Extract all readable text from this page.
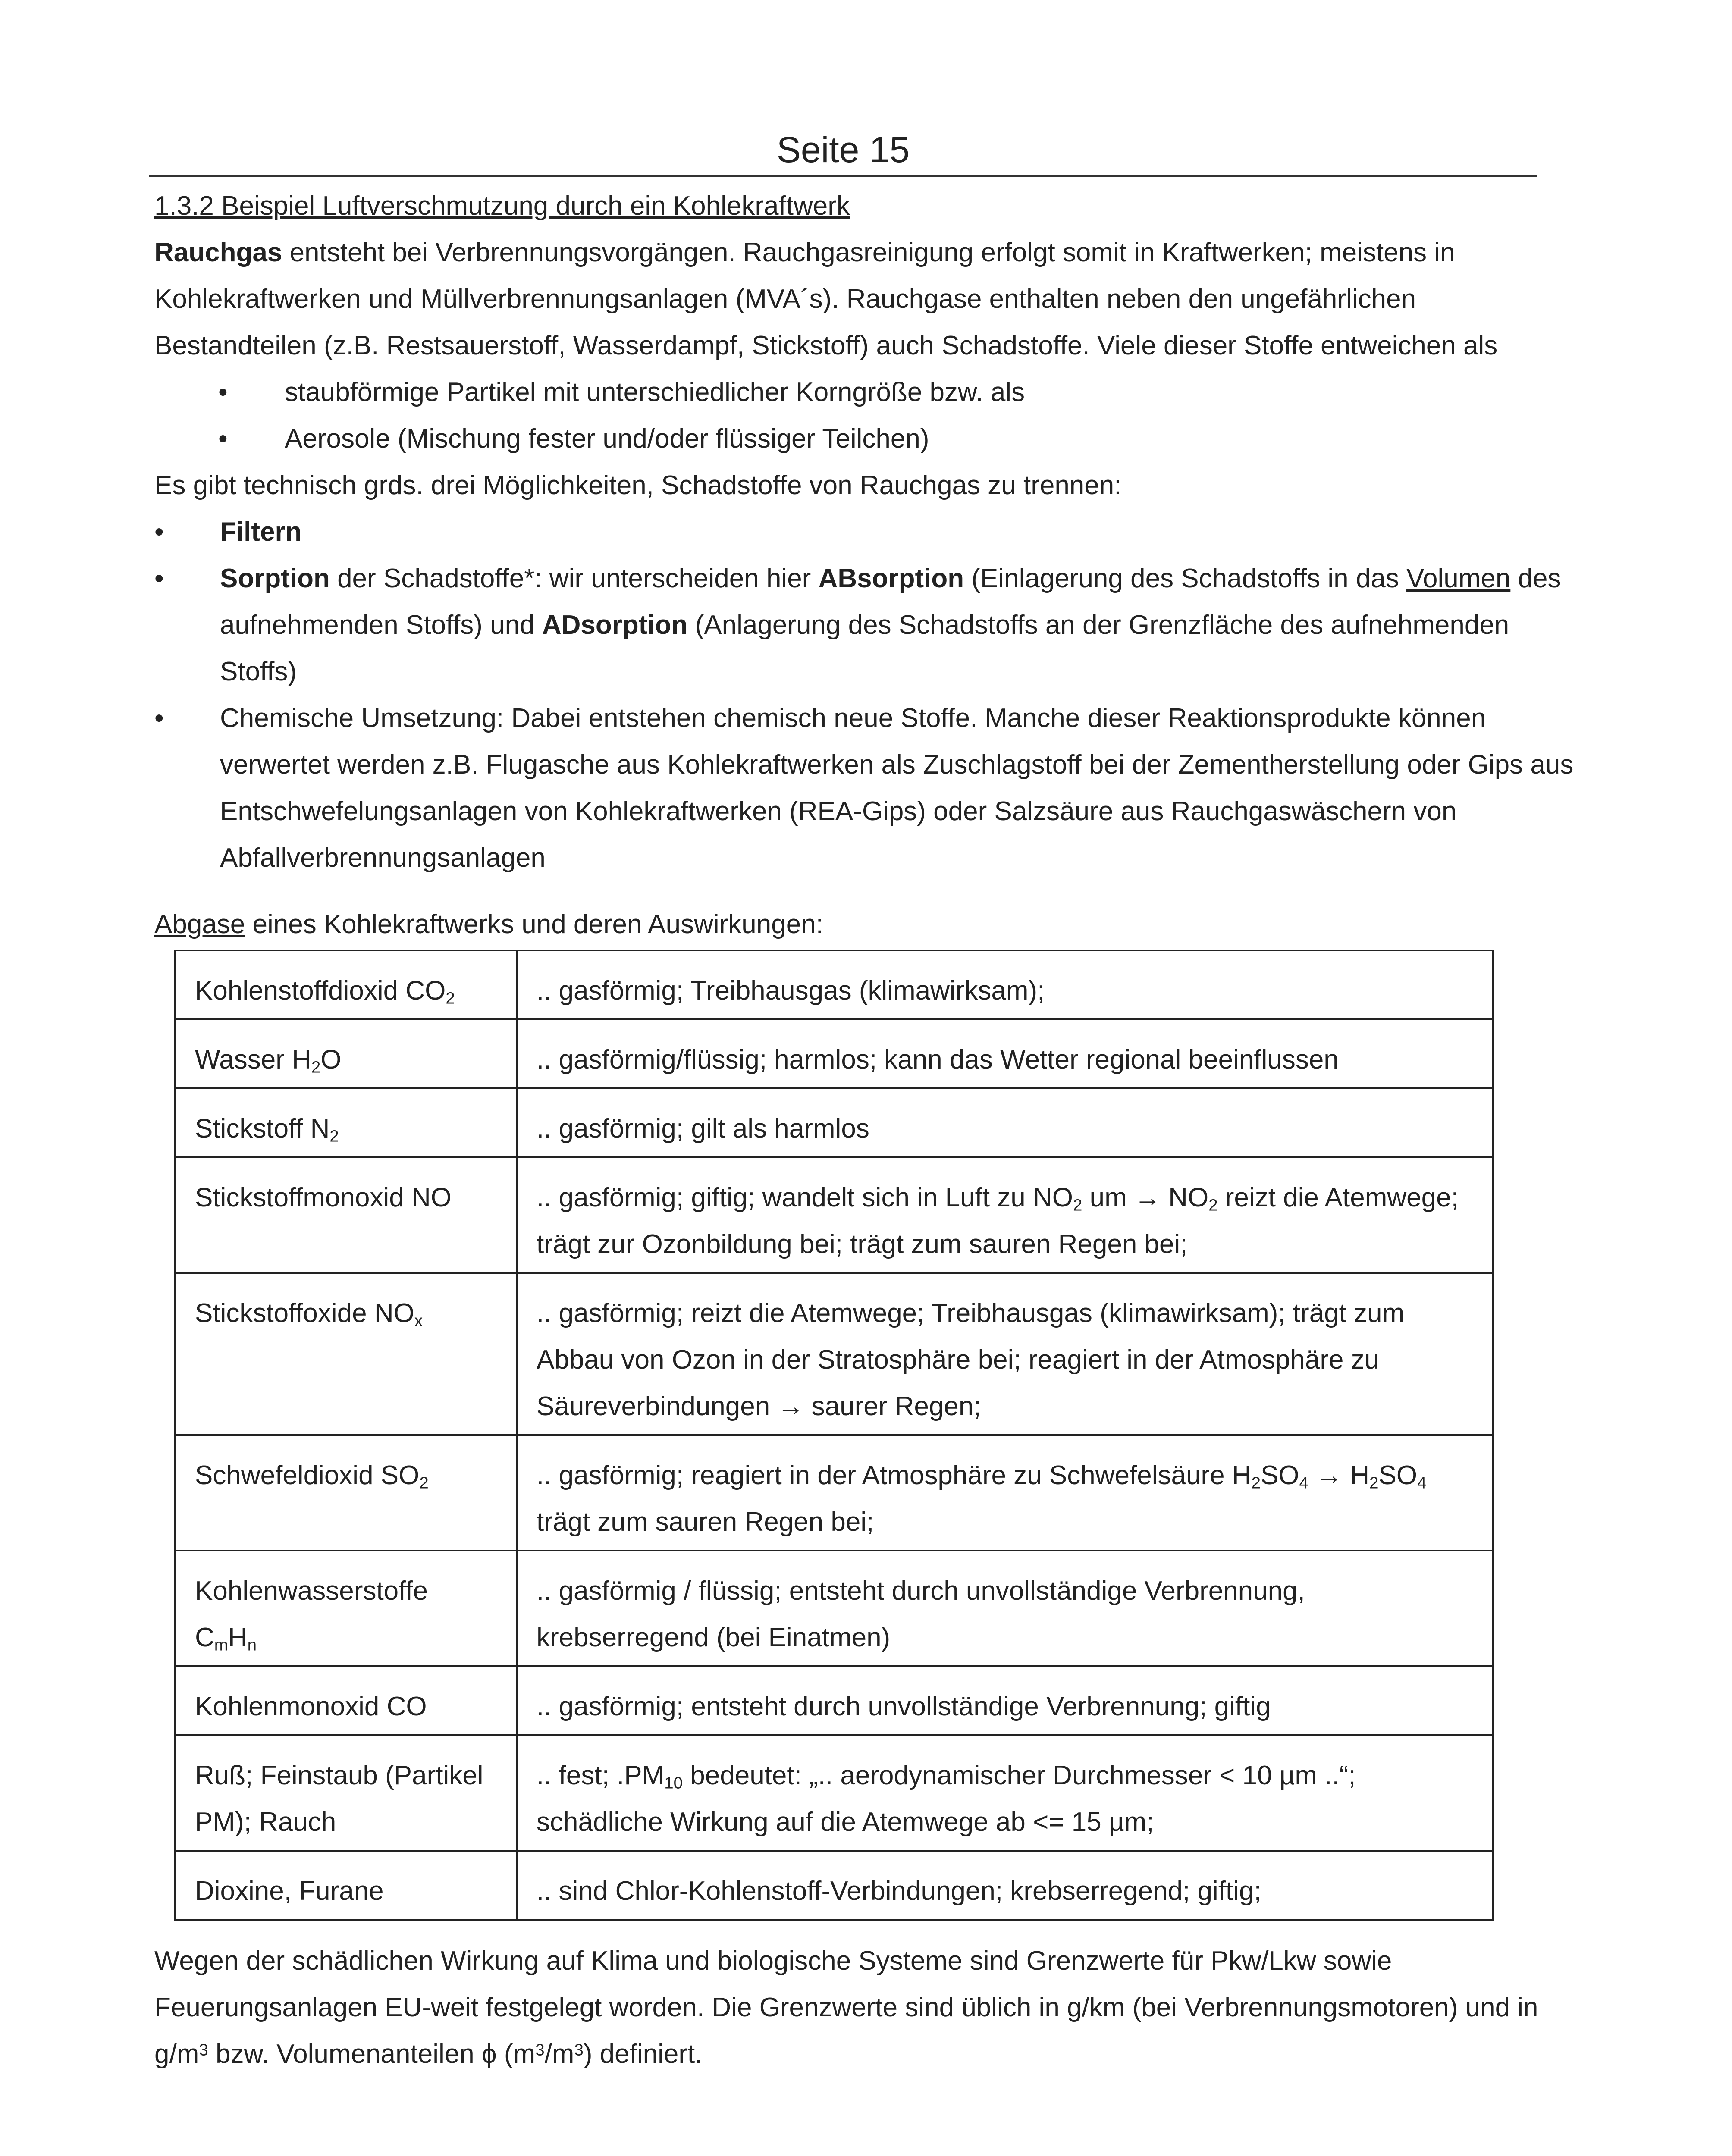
Seite 15

1.3.2 Beispiel Luftverschmutzung durch ein Kohlekraftwerk

Rauchgas entsteht bei Verbrennungsvorgängen. Rauchgasreinigung erfolgt somit in Kraftwerken; meistens in Kohlekraftwerken und Müllverbrennungsanlagen (MVA´s). Rauchgase enthalten neben den ungefährlichen Bestandteilen (z.B. Restsauerstoff, Wasserdampf, Stickstoff) auch Schadstoffe. Viele dieser Stoffe entweichen als

• staubförmige Partikel mit unterschiedlicher Korngröße bzw. als
• Aerosole (Mischung fester und/oder flüssiger Teilchen)

Es gibt technisch grds. drei Möglichkeiten, Schadstoffe von Rauchgas zu trennen:

• Filtern
• Sorption der Schadstoffe*: wir unterscheiden hier ABsorption (Einlagerung des Schadstoffs in das Volumen des aufnehmenden Stoffs) und ADsorption (Anlagerung des Schadstoffs an der Grenzfläche des aufnehmenden Stoffs)
• Chemische Umsetzung: Dabei entstehen chemisch neue Stoffe. Manche dieser Reaktionsprodukte können verwertet werden z.B. Flugasche aus Kohlekraftwerken als Zuschlagstoff bei der Zementherstellung oder Gips aus Entschwefelungsanlagen von Kohlekraftwerken (REA-Gips) oder Salzsäure aus Rauchgaswäschern von Abfallverbrennungsanlagen

Abgase eines Kohlekraftwerks und deren Auswirkungen:

Kohlenstoffdioxid $CO_2$	.. gasförmig; Treibhausgas (klimawirksam);
Wasser $H_2O$	.. gasförmig/flüssig; harmlos; kann das Wetter regional beeinflussen
Stickstoff $N_2$	.. gasförmig; gilt als harmlos
Stickstoffmonoxid NO	.. gasförmig; giftig; wandelt sich in Luft zu $NO_2$ um → $NO_2$ reizt die Atemwege; trägt zur Ozonbildung bei; trägt zum sauren Regen bei;
Stickstoffoxide $NO_x$	.. gasförmig; reizt die Atemwege; Treibhausgas (klimawirksam); trägt zum Abbau von Ozon in der Stratosphäre bei; reagiert in der Atmosphäre zu Säureverbindungen → saurer Regen;
Schwefeldioxid $SO_2$	.. gasförmig; reagiert in der Atmosphäre zu Schwefelsäure $H_2SO_4 \to H_2SO_4$ trägt zum sauren Regen bei;
Kohlenwasserstoffe $C_mH_n$	.. gasförmig / flüssig; entsteht durch unvollständige Verbrennung, krebserregend (bei Einatmen)
Kohlenmonoxid CO	.. gasförmig; entsteht durch unvollständige Verbrennung; giftig
Ruß; Feinstaub (Partikel PM); Rauch	.. fest; $.PM_{10}$ bedeutet: „.. aerodynamischer Durchmesser < 10 µm ..“; schädliche Wirkung auf die Atemwege ab <= 15 µm;
Dioxine, Furane	.. sind Chlor-Kohlenstoff-Verbindungen; krebserregend; giftig;

Wegen der schädlichen Wirkung auf Klima und biologische Systeme sind Grenzwerte für Pkw/Lkw sowie Feuerungsanlagen EU-weit festgelegt worden. Die Grenzwerte sind üblich in g/km (bei Verbrennungsmotoren) und in $g/m^3$ bzw. Volumenanteilen ϕ $(m^3/m^3)$ definiert.
